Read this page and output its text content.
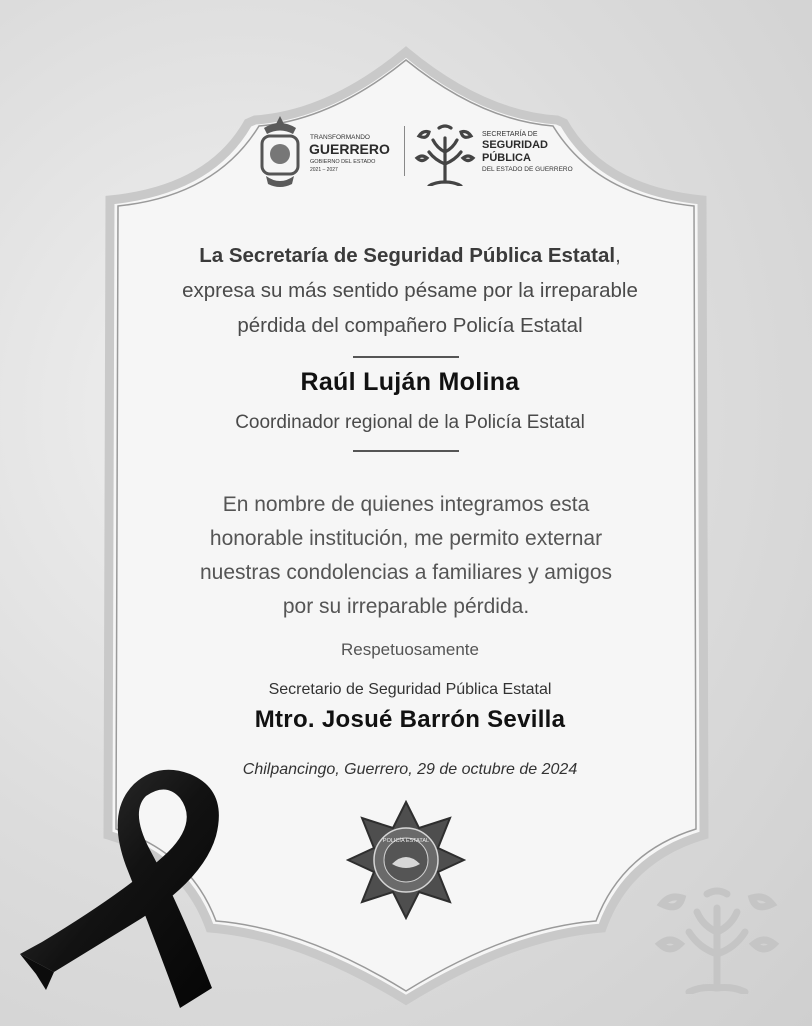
TRANSFORMANDO
GUERRERO
GOBIERNO DEL ESTADO
2021 – 2027
SECRETARÍA DE
SEGURIDAD
PÚBLICA
DEL ESTADO DE GUERRERO
La Secretaría de Seguridad Pública Estatal,
expresa su más sentido pésame por la irreparable
pérdida del compañero Policía Estatal
Raúl Luján Molina
Coordinador regional de la Policía Estatal
En nombre de quienes integramos esta
honorable institución, me permito externar
nuestras condolencias a familiares y amigos
por su irreparable pérdida.
Respetuosamente
Secretario de Seguridad Pública Estatal
Mtro. Josué Barrón Sevilla
Chilpancingo, Guerrero, 29 de octubre de 2024
POLICÍA ESTATAL
